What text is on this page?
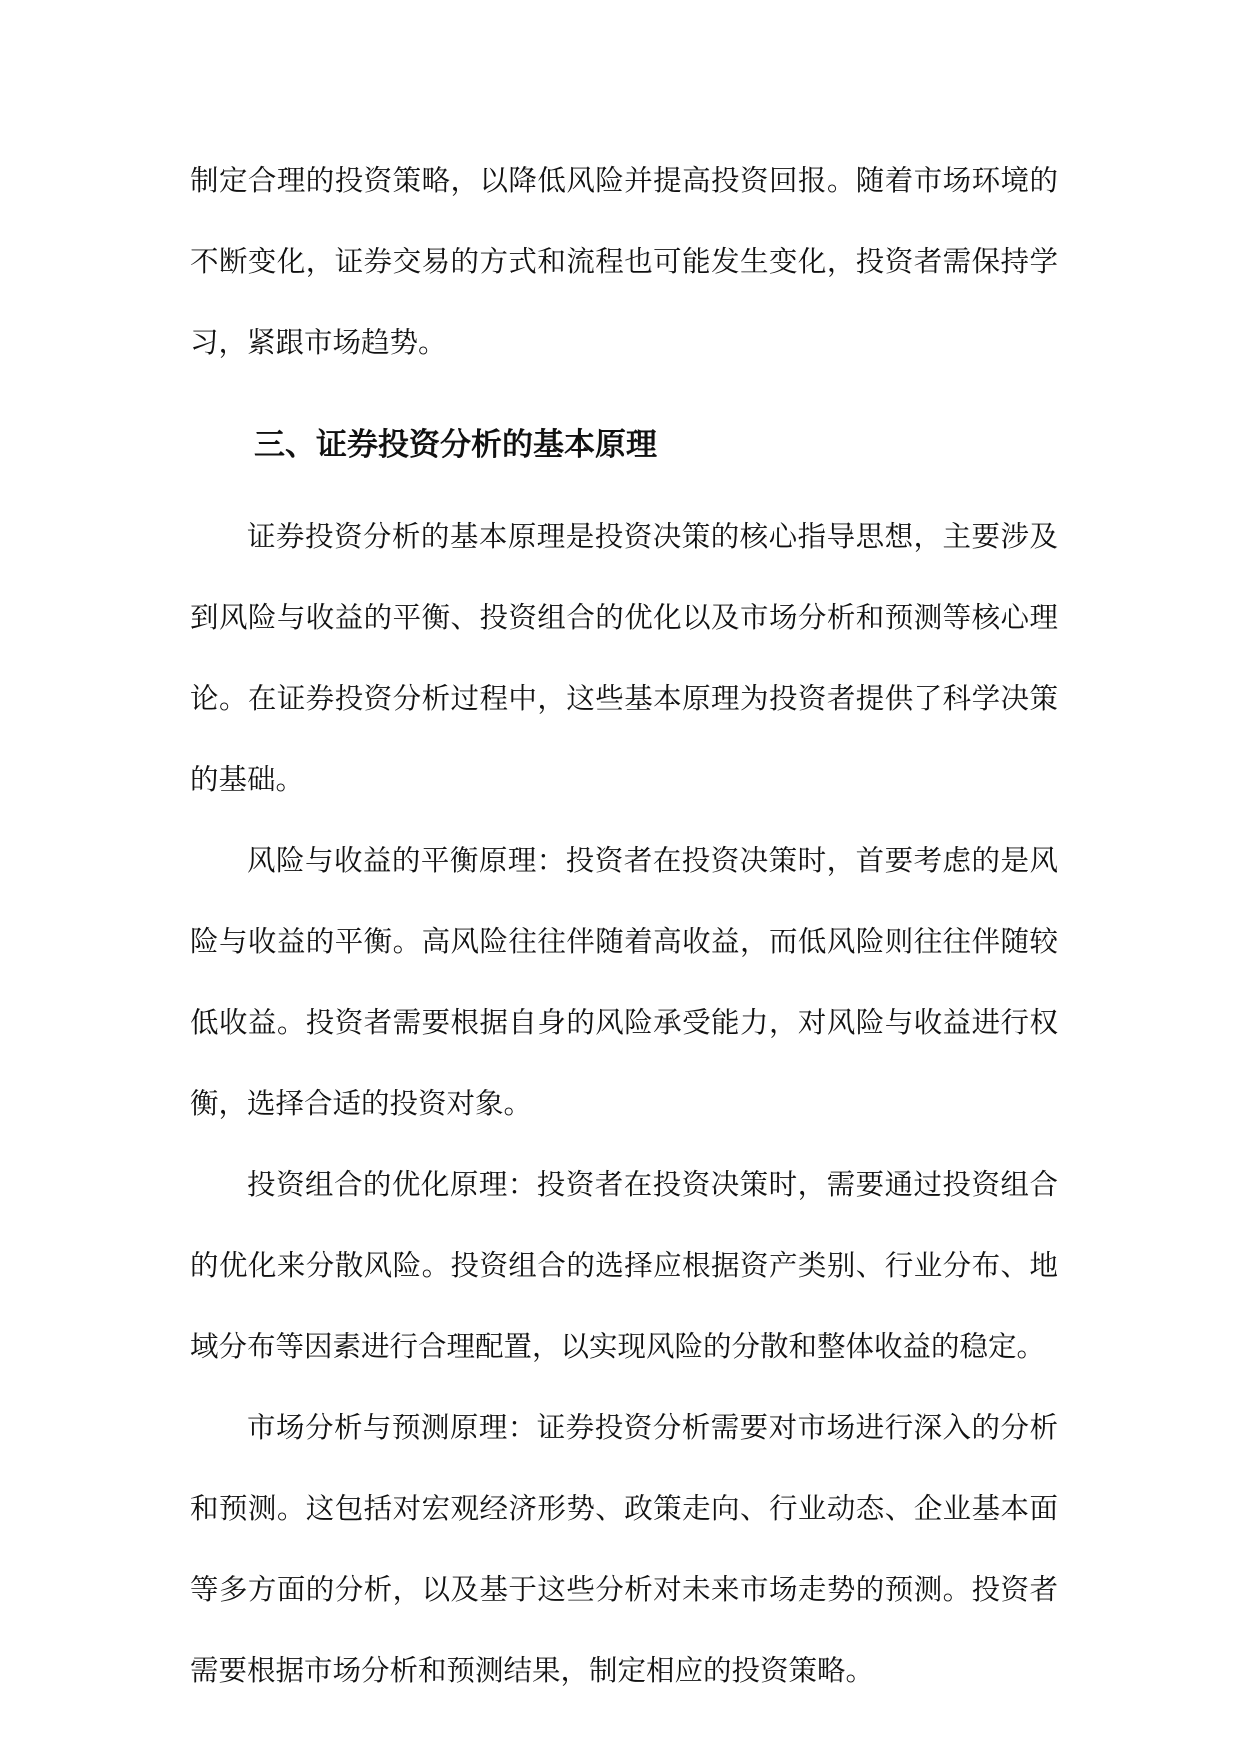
制定合理的投资策略，以降低风险并提高投资回报。随着市场环境的不断变化，证券交易的方式和流程也可能发生变化，投资者需保持学习，紧跟市场趋势。

三、证券投资分析的基本原理

证券投资分析的基本原理是投资决策的核心指导思想，主要涉及到风险与收益的平衡、投资组合的优化以及市场分析和预测等核心理论。在证券投资分析过程中，这些基本原理为投资者提供了科学决策的基础。

风险与收益的平衡原理：投资者在投资决策时，首要考虑的是风险与收益的平衡。高风险往往伴随着高收益，而低风险则往往伴随较低收益。投资者需要根据自身的风险承受能力，对风险与收益进行权衡，选择合适的投资对象。

投资组合的优化原理：投资者在投资决策时，需要通过投资组合的优化来分散风险。投资组合的选择应根据资产类别、行业分布、地域分布等因素进行合理配置，以实现风险的分散和整体收益的稳定。

市场分析与预测原理：证券投资分析需要对市场进行深入的分析和预测。这包括对宏观经济形势、政策走向、行业动态、企业基本面等多方面的分析，以及基于这些分析对未来市场走势的预测。投资者需要根据市场分析和预测结果，制定相应的投资策略。
